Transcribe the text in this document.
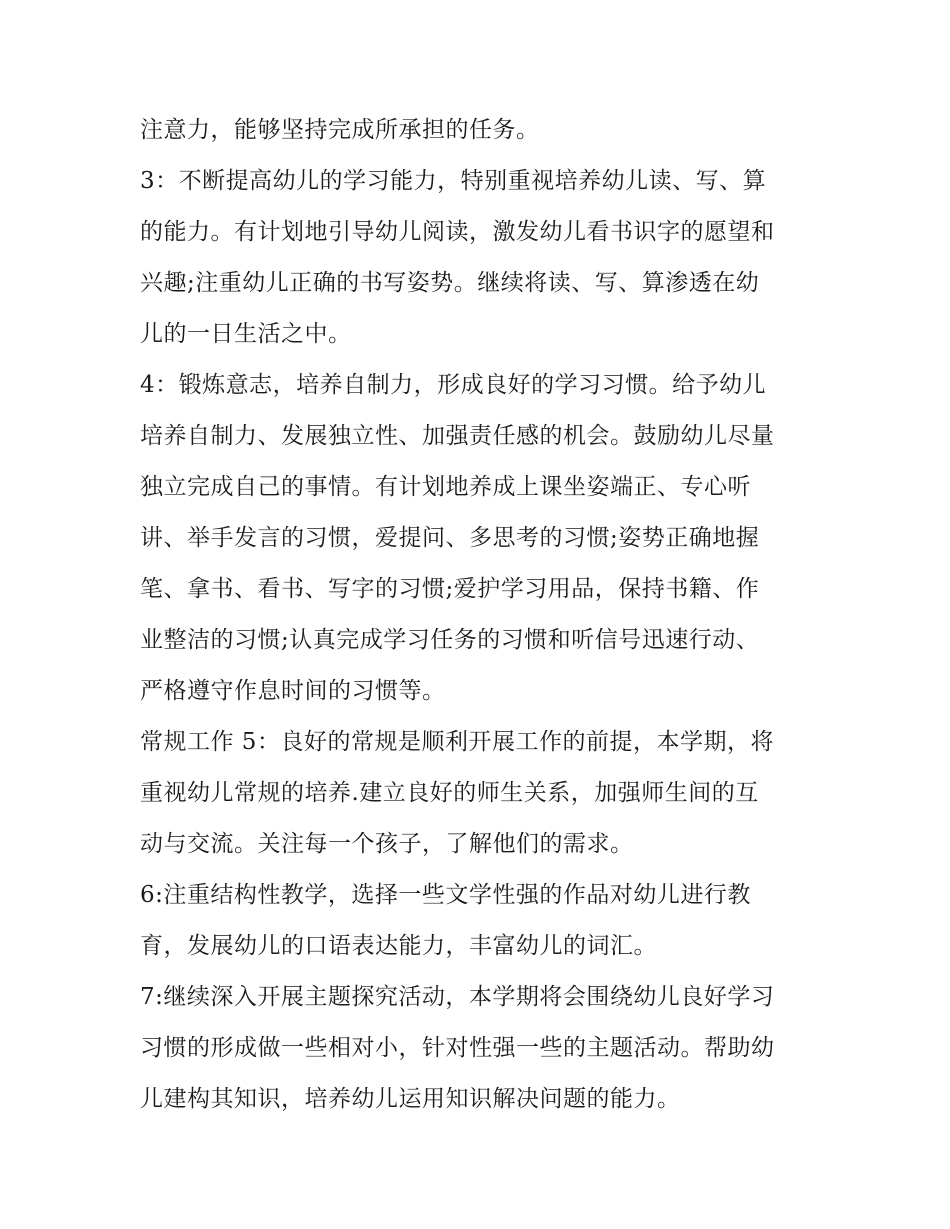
注意力，能够坚持完成所承担的任务。
3：不断提高幼儿的学习能力，特别重视培养幼儿读、写、算
的能力。有计划地引导幼儿阅读，激发幼儿看书识字的愿望和
兴趣;注重幼儿正确的书写姿势。继续将读、写、算渗透在幼
儿的一日生活之中。
4：锻炼意志，培养自制力，形成良好的学习习惯。给予幼儿
培养自制力、发展独立性、加强责任感的机会。鼓励幼儿尽量
独立完成自己的事情。有计划地养成上课坐姿端正、专心听
讲、举手发言的习惯，爱提问、多思考的习惯;姿势正确地握
笔、拿书、看书、写字的习惯;爱护学习用品，保持书籍、作
业整洁的习惯;认真完成学习任务的习惯和听信号迅速行动、
严格遵守作息时间的习惯等。
常规工作 5：良好的常规是顺利开展工作的前提，本学期，将
重视幼儿常规的培养.建立良好的师生关系，加强师生间的互
动与交流。关注每一个孩子，了解他们的需求。
6:注重结构性教学，选择一些文学性强的作品对幼儿进行教
育，发展幼儿的口语表达能力，丰富幼儿的词汇。
7:继续深入开展主题探究活动，本学期将会围绕幼儿良好学习
习惯的形成做一些相对小，针对性强一些的主题活动。帮助幼
儿建构其知识，培养幼儿运用知识解决问题的能力。
